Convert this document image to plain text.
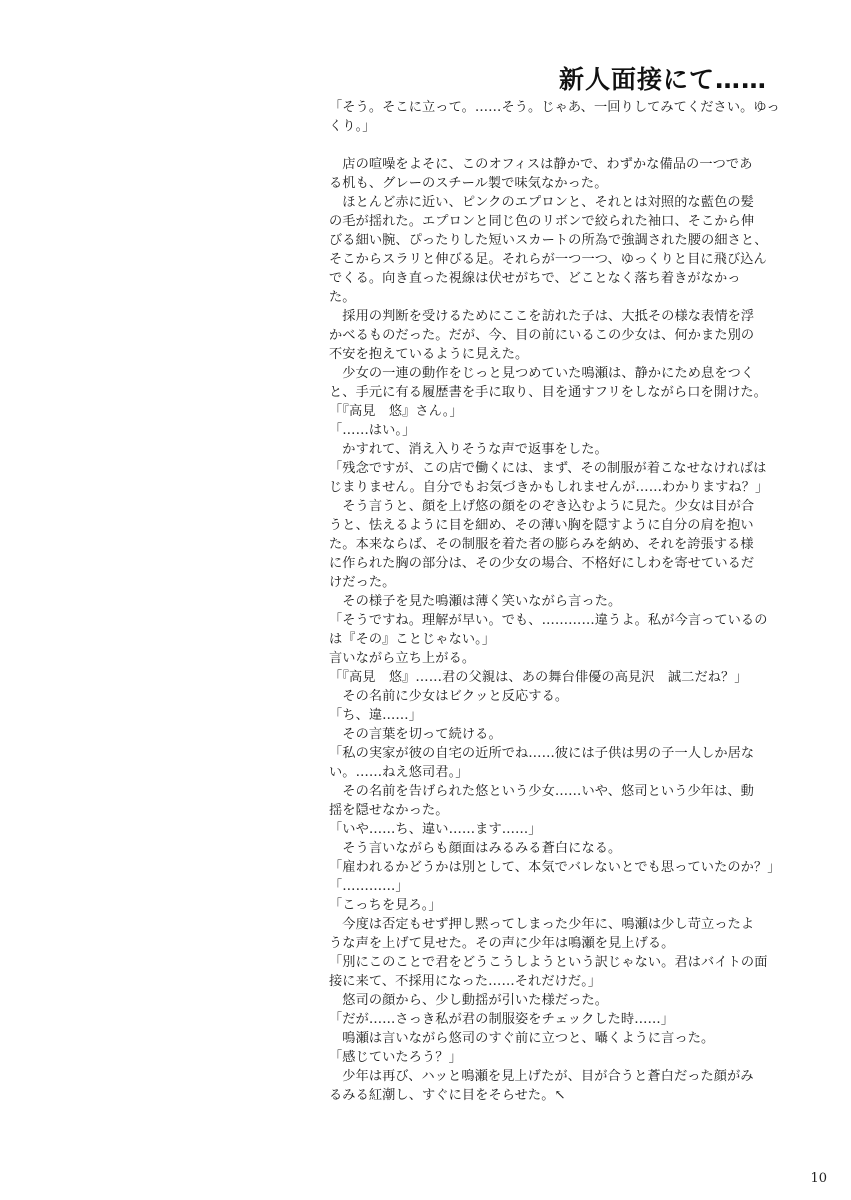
新人面接にて……
「そう。そこに立って。……そう。じゃあ、一回りしてみてください。ゆっ
くり。」
　店の喧噪をよそに、このオフィスは静かで、わずかな備品の一つであ
る机も、グレーのスチール製で味気なかった。
　ほとんど赤に近い、ピンクのエプロンと、それとは対照的な藍色の髪
の毛が揺れた。エプロンと同じ色のリボンで絞られた袖口、そこから伸
びる細い腕、ぴったりした短いスカートの所為で強調された腰の細さと、
そこからスラリと伸びる足。それらが一つ一つ、ゆっくりと目に飛び込ん
でくる。向き直った視線は伏せがちで、どことなく落ち着きがなかっ
た。
　採用の判断を受けるためにここを訪れた子は、大抵その様な表情を浮
かべるものだった。だが、今、目の前にいるこの少女は、何かまた別の
不安を抱えているように見えた。
　少女の一連の動作をじっと見つめていた鳴瀬は、静かにため息をつく
と、手元に有る履歴書を手に取り、目を通すフリをしながら口を開けた。
「『高見　悠』さん。」
「……はい。」
　かすれて、消え入りそうな声で返事をした。
「残念ですが、この店で働くには、まず、その制服が着こなせなければは
じまりません。自分でもお気づきかもしれませんが……わかりますね？」
　そう言うと、顔を上げ悠の顔をのぞき込むように見た。少女は目が合
うと、怯えるように目を細め、その薄い胸を隠すように自分の肩を抱い
た。本来ならば、その制服を着た者の膨らみを納め、それを誇張する様
に作られた胸の部分は、その少女の場合、不格好にしわを寄せているだ
けだった。
　その様子を見た鳴瀬は薄く笑いながら言った。
「そうですね。理解が早い。でも、…………違うよ。私が今言っているの
は『その』ことじゃない。」
言いながら立ち上がる。
「『高見　悠』……君の父親は、あの舞台俳優の高見沢　誠二だね？」
　その名前に少女はビクッと反応する。
「ち、違……」
　その言葉を切って続ける。
「私の実家が彼の自宅の近所でね……彼には子供は男の子一人しか居な
い。……ねえ悠司君。」
　その名前を告げられた悠という少女……いや、悠司という少年は、動
揺を隠せなかった。
「いや……ち、違い……ます……」
　そう言いながらも顔面はみるみる蒼白になる。
「雇われるかどうかは別として、本気でバレないとでも思っていたのか？」
「…………」
「こっちを見ろ。」
　今度は否定もせず押し黙ってしまった少年に、鳴瀬は少し苛立ったよ
うな声を上げて見せた。その声に少年は鳴瀬を見上げる。
「別にこのことで君をどうこうしようという訳じゃない。君はバイトの面
接に来て、不採用になった……それだけだ。」
　悠司の顔から、少し動揺が引いた様だった。
「だが……さっき私が君の制服姿をチェックした時……」
　鳴瀬は言いながら悠司のすぐ前に立つと、囁くように言った。
「感じていたろう？」
　少年は再び、ハッと鳴瀬を見上げたが、目が合うと蒼白だった顔がみ
るみる紅潮し、すぐに目をそらせた。↖
10
